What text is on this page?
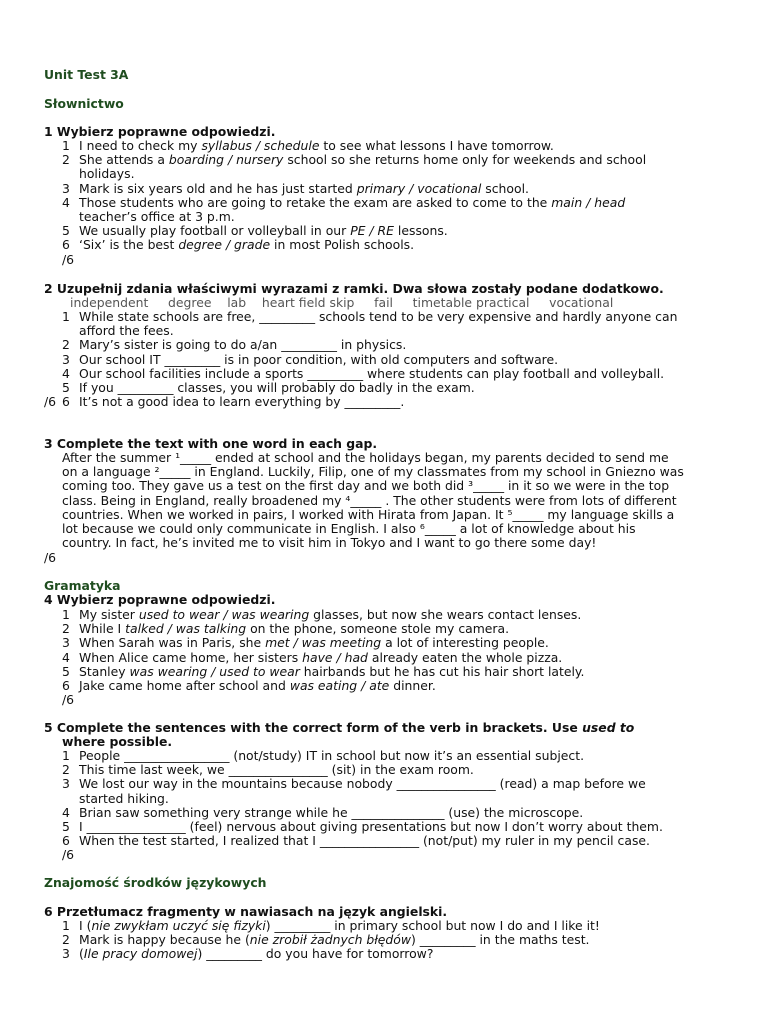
Unit Test 3A
Słownictwo
1 Wybierz poprawne odpowiedzi.
1 I need to check my syllabus / schedule to see what lessons I have tomorrow.
2 She attends a boarding / nursery school so she returns home only for weekends and school
holidays.
3 Mark is six years old and he has just started primary / vocational school.
4 Those students who are going to retake the exam are asked to come to the main / head
teacher’s office at 3 p.m.
5 We usually play football or volleyball in our PE / RE lessons.
6 ‘Six’ is the best degree / grade in most Polish schools.
/6
2 Uzupełnij zdania właściwymi wyrazami z ramki. Dwa słowa zostały podane dodatkowo.
independent     degree    lab    heart field skip     fail     timetable practical     vocational
1 While state schools are free, _________ schools tend to be very expensive and hardly anyone can
afford the fees.
2 Mary’s sister is going to do a/an _________ in physics.
3 Our school IT _________ is in poor condition, with old computers and software.
4 Our school facilities include a sports _________ where students can play football and volleyball.
5 If you _________ classes, you will probably do badly in the exam.
6 It’s not a good idea to learn everything by _________.
/6
3 Complete the text with one word in each gap.
After the summer ¹_____ ended at school and the holidays began, my parents decided to send me
on a language ²_____ in England. Luckily, Filip, one of my classmates from my school in Gniezno was
coming too. They gave us a test on the first day and we both did ³_____ in it so we were in the top
class. Being in England, really broadened my ⁴_____ . The other students were from lots of different
countries. When we worked in pairs, I worked with Hirata from Japan. It ⁵_____ my language skills a
lot because we could only communicate in English. I also ⁶_____ a lot of knowledge about his
country. In fact, he’s invited me to visit him in Tokyo and I want to go there some day!
/6
Gramatyka
4 Wybierz poprawne odpowiedzi.
1 My sister used to wear / was wearing glasses, but now she wears contact lenses.
2 While I talked / was talking on the phone, someone stole my camera.
3 When Sarah was in Paris, she met / was meeting a lot of interesting people.
4 When Alice came home, her sisters have / had already eaten the whole pizza.
5 Stanley was wearing / used to wear hairbands but he has cut his hair short lately.
6 Jake came home after school and was eating / ate dinner.
/6
5 Complete the sentences with the correct form of the verb in brackets. Use used to
where possible.
1 People _________________ (not/study) IT in school but now it’s an essential subject.
2 This time last week, we ________________ (sit) in the exam room.
3 We lost our way in the mountains because nobody ________________ (read) a map before we
started hiking.
4 Brian saw something very strange while he _______________ (use) the microscope.
5 I ________________ (feel) nervous about giving presentations but now I don’t worry about them.
6 When the test started, I realized that I ________________ (not/put) my ruler in my pencil case.
/6
Znajomość środków językowych
6 Przetłumacz fragmenty w nawiasach na język angielski.
1 I (nie zwykłam uczyć się fizyki) _________ in primary school but now I do and I like it!
2 Mark is happy because he (nie zrobił żadnych błędów) _________ in the maths test.
3 (Ile pracy domowej) _________ do you have for tomorrow?
